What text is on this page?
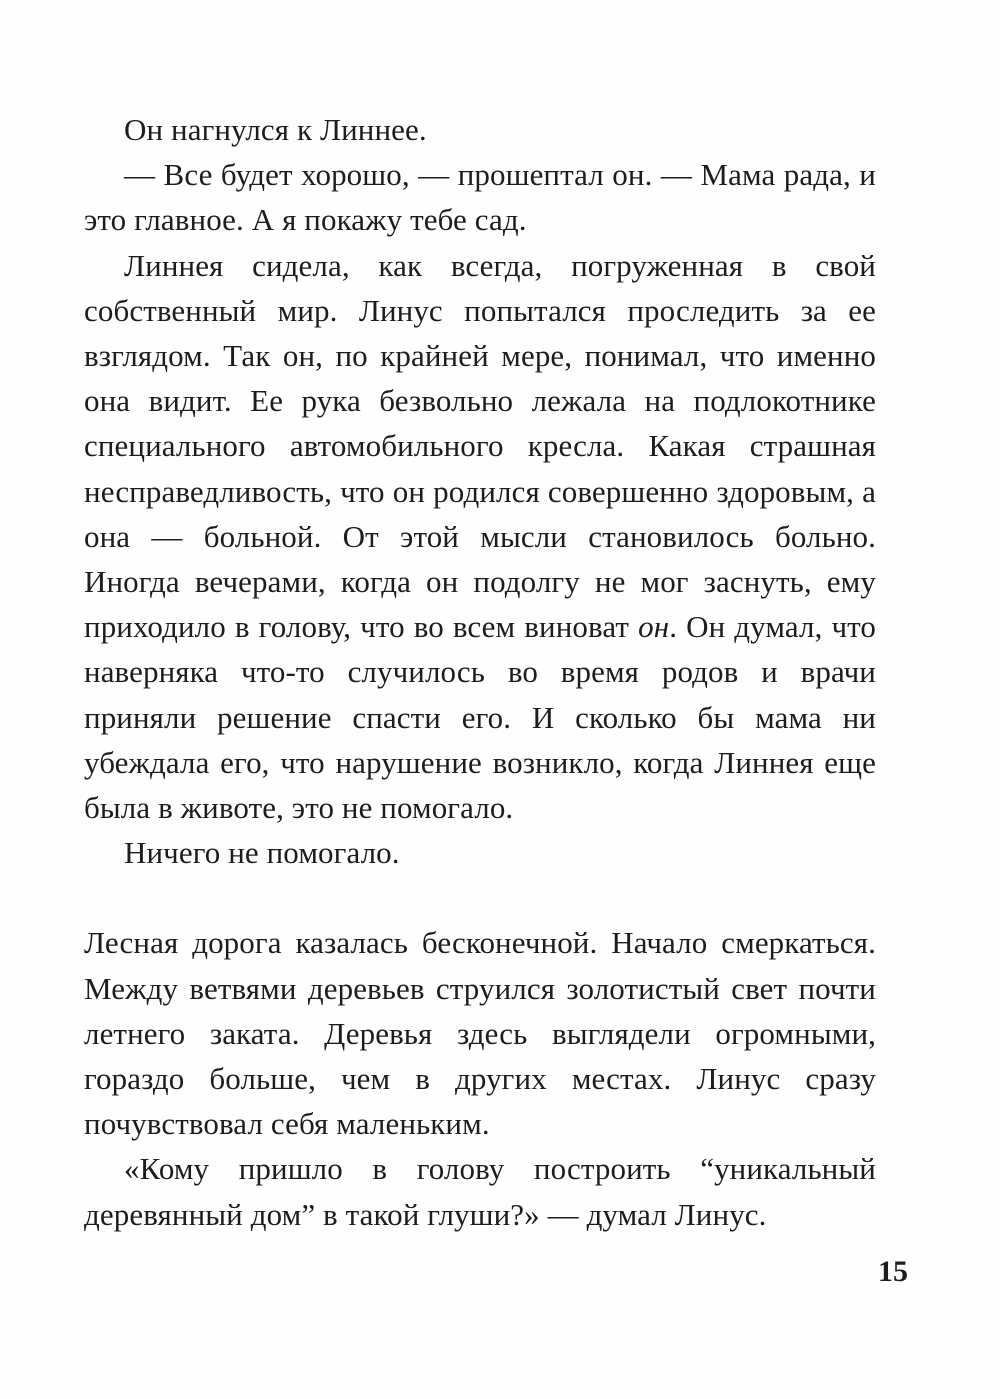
Он нагнулся к Линнее.

— Все будет хорошо, — прошептал он. — Мама рада, и это главное. А я покажу тебе сад.

Линнея сидела, как всегда, погруженная в свой собственный мир. Линус попытался проследить за ее взглядом. Так он, по крайней мере, понимал, что именно она видит. Ее рука безвольно лежала на подлокотнике специального автомобильного кресла. Какая страшная несправедливость, что он родился совершенно здоровым, а она — больной. От этой мысли становилось больно. Иногда вечерами, когда он подолгу не мог заснуть, ему приходило в голову, что во всем виноват он. Он думал, что наверняка что-то случилось во время родов и врачи приняли решение спасти его. И сколько бы мама ни убеждала его, что нарушение возникло, когда Линнея еще была в животе, это не помогало.

Ничего не помогало.

Лесная дорога казалась бесконечной. Начало смеркаться. Между ветвями деревьев струился золотистый свет почти летнего заката. Деревья здесь выглядели огромными, гораздо больше, чем в других местах. Линус сразу почувствовал себя маленьким.

«Кому пришло в голову построить “уникальный деревянный дом” в такой глуши?» — думал Линус.

15
